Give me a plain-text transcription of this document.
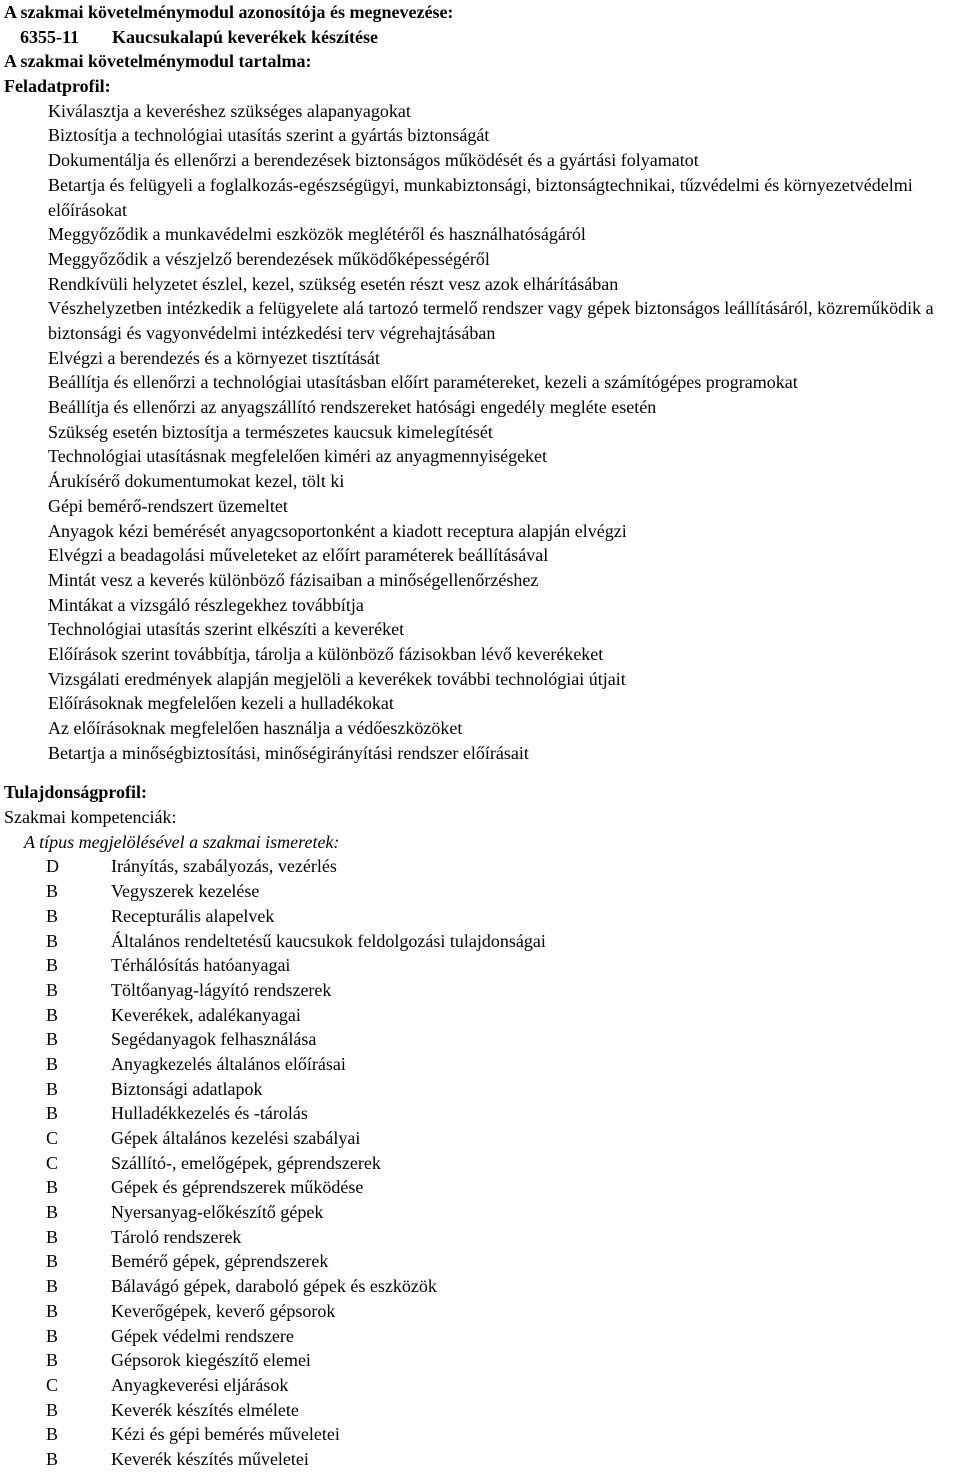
A szakmai követelménymodul azonosítója és megnevezése:
6355-11 Kaucsukalapú keverékek készítése
A szakmai követelménymodul tartalma:
Feladatprofil:
Kiválasztja a keveréshez szükséges alapanyagokat
Biztosítja a technológiai utasítás szerint a gyártás biztonságát
Dokumentálja és ellenőrzi a berendezések biztonságos működését és a gyártási folyamatot
Betartja és felügyeli a foglalkozás-egészségügyi, munkabiztonsági, biztonságtechnikai, tűzvédelmi és környezetvédelmi előírásokat
Meggyőződik a munkavédelmi eszközök meglétéről és használhatóságáról
Meggyőződik a vészjelző berendezések működőképességéről
Rendkívüli helyzetet észlel, kezel, szükség esetén részt vesz azok elhárításában
Vészhelyzetben intézkedik a felügyelete alá tartozó termelő rendszer vagy gépek biztonságos leállításáról, közreműködik a biztonsági és vagyonvédelmi intézkedési terv végrehajtásában
Elvégzi a berendezés és a környezet tisztítását
Beállítja és ellenőrzi a technológiai utasításban előírt paramétereket, kezeli a számítógépes programokat
Beállítja és ellenőrzi az anyagszállító rendszereket hatósági engedély megléte esetén
Szükség esetén biztosítja a természetes kaucsuk kimelegítését
Technológiai utasításnak megfelelően kiméri az anyagmennyiségeket
Árukísérő dokumentumokat kezel, tölt ki
Gépi bemérő-rendszert üzemeltet
Anyagok kézi bemérését anyagcsoportonként a kiadott receptura alapján elvégzi
Elvégzi a beadagolási műveleteket az előírt paraméterek beállításával
Mintát vesz a keverés különböző fázisaiban a minőségellenőrzéshez
Mintákat a vizsgáló részlegekhez továbbítja
Technológiai utasítás szerint elkészíti a keveréket
Előírások szerint továbbítja, tárolja a különböző fázisokban lévő keverékeket
Vizsgálati eredmények alapján megjelöli a keverékek további technológiai útjait
Előírásoknak megfelelően kezeli a hulladékokat
Az előírásoknak megfelelően használja a védőeszközöket
Betartja a minőségbiztosítási, minőségirányítási rendszer előírásait
Tulajdonságprofil:
Szakmai kompetenciák:
A típus megjelölésével a szakmai ismeretek:
D	Irányítás, szabályozás, vezérlés
B	Vegyszerek kezelése
B	Recepturális alapelvek
B	Általános rendeltetésű kaucsukok feldolgozási tulajdonságai
B	Térhálósítás hatóanyagai
B	Töltőanyag-lágyító rendszerek
B	Keverékek, adalékanyagai
B	Segédanyagok felhasználása
B	Anyagkezelés általános előírásai
B	Biztonsági adatlapok
B	Hulladékkezelés és -tárolás
C	Gépek általános kezelési szabályai
C	Szállító-, emelőgépek, géprendszerek
B	Gépek és géprendszerek működése
B	Nyersanyag-előkészítő gépek
B	Tároló rendszerek
B	Bemérő gépek, géprendszerek
B	Bálavágó gépek, daraboló gépek és eszközök
B	Keverőgépek, keverő gépsorok
B	Gépek védelmi rendszere
B	Gépsorok kiegészítő elemei
C	Anyagkeverési eljárások
B	Keverék készítés elmélete
B	Kézi és gépi bemérés műveletei
B	Keverék készítés műveletei
